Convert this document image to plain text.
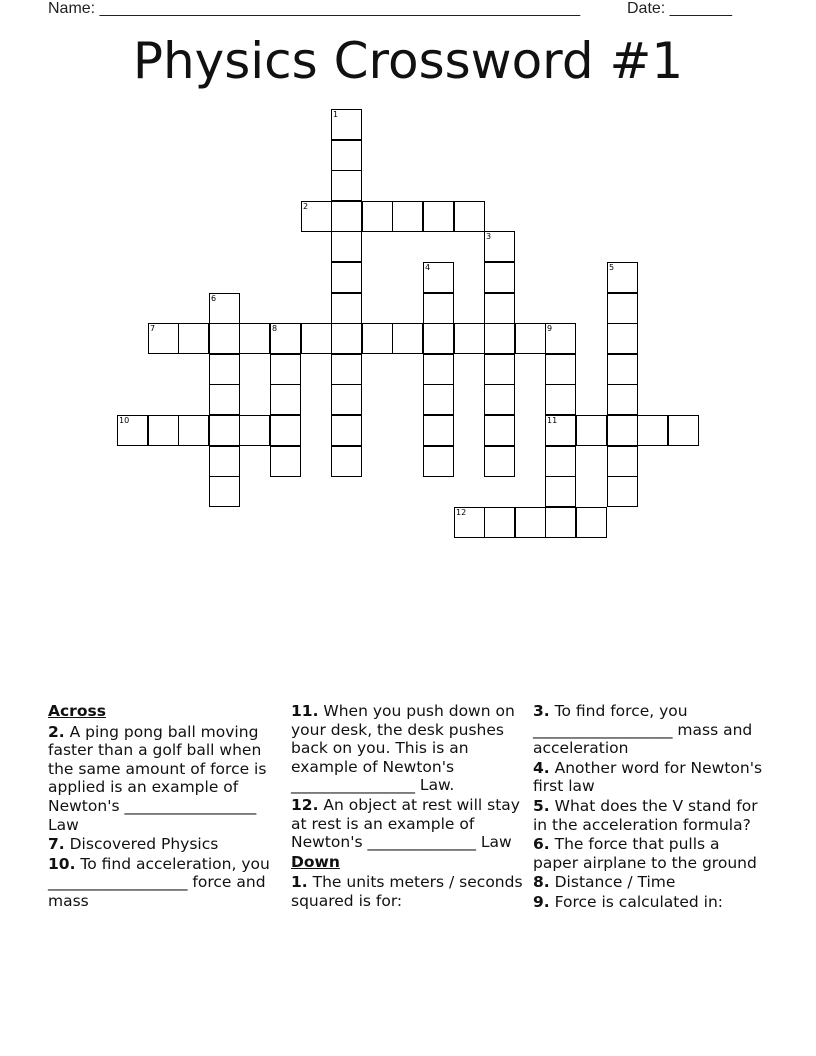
Name: ______________________________________________________	Date: _______
Physics Crossword #1
1
2
3
4	5
6
7	8	9
10	11
12
Across
2. A ping pong ball moving faster than a golf ball when the same amount of force is applied is an example of Newton's _________________ Law
7. Discovered Physics
10. To find acceleration, you __________________ force and mass
11. When you push down on your desk, the desk pushes back on you. This is an example of Newton's ________________ Law.
12. An object at rest will stay at rest is an example of Newton's ______________ Law
Down
1. The units meters / seconds squared is for:
3. To find force, you __________________ mass and acceleration
4. Another word for Newton's first law
5. What does the V stand for in the acceleration formula?
6. The force that pulls a paper airplane to the ground
8. Distance / Time
9. Force is calculated in:
